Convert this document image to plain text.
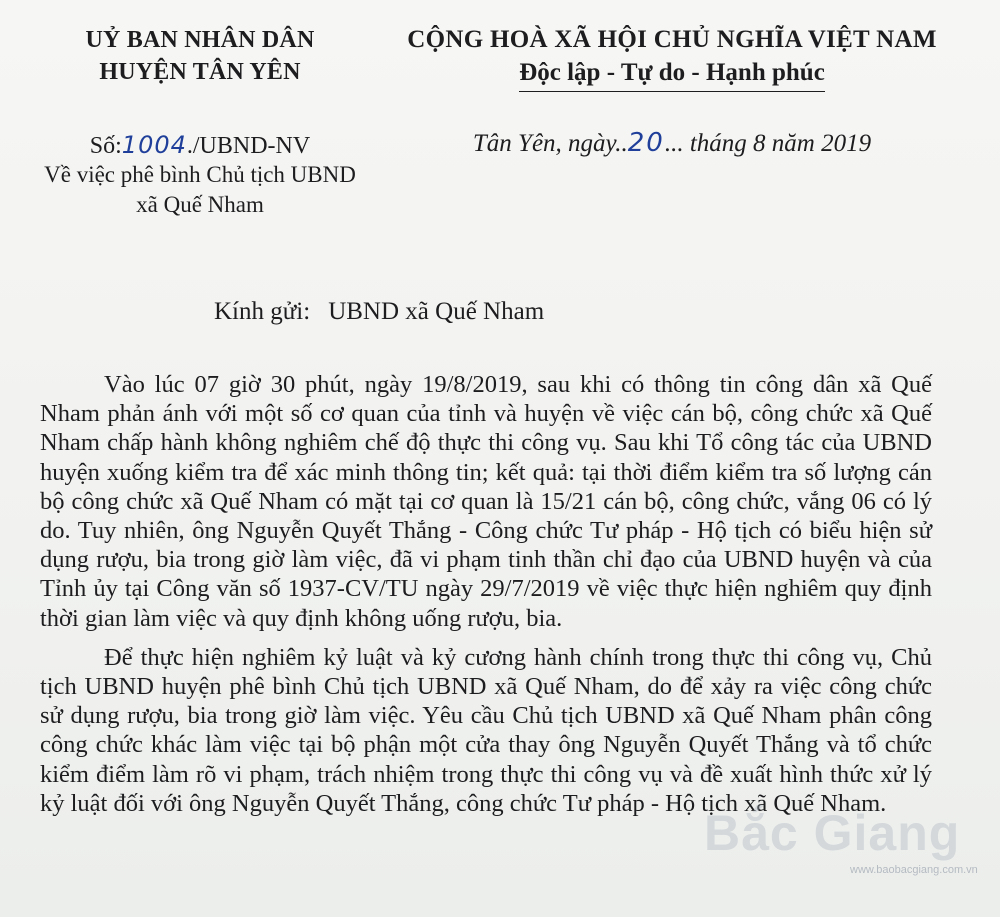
UỶ BAN NHÂN DÂN
HUYỆN TÂN YÊN
CỘNG HOÀ XÃ HỘI CHỦ NGHĨA VIỆT NAM
Độc lập - Tự do - Hạnh phúc
Số:1004./UBND-NV
Về việc phê bình Chủ tịch UBND
xã Quế Nham
Tân Yên, ngày..20... tháng 8 năm 2019
Kính gửi: UBND xã Quế Nham

Vào lúc 07 giờ 30 phút, ngày 19/8/2019, sau khi có thông tin công dân xã Quế Nham phản ánh với một số cơ quan của tỉnh và huyện về việc cán bộ, công chức xã Quế Nham chấp hành không nghiêm chế độ thực thi công vụ. Sau khi Tổ công tác của UBND huyện xuống kiểm tra để xác minh thông tin; kết quả: tại thời điểm kiểm tra số lượng cán bộ công chức xã Quế Nham có mặt tại cơ quan là 15/21 cán bộ, công chức, vắng 06 có lý do. Tuy nhiên, ông Nguyễn Quyết Thắng - Công chức Tư pháp - Hộ tịch có biểu hiện sử dụng rượu, bia trong giờ làm việc, đã vi phạm tinh thần chỉ đạo của UBND huyện và của Tỉnh ủy tại Công văn số 1937-CV/TU ngày 29/7/2019 về việc thực hiện nghiêm quy định thời gian làm việc và quy định không uống rượu, bia.

Để thực hiện nghiêm kỷ luật và kỷ cương hành chính trong thực thi công vụ, Chủ tịch UBND huyện phê bình Chủ tịch UBND xã Quế Nham, do để xảy ra việc công chức sử dụng rượu, bia trong giờ làm việc. Yêu cầu Chủ tịch UBND xã Quế Nham phân công công chức khác làm việc tại bộ phận một cửa thay ông Nguyễn Quyết Thắng và tổ chức kiểm điểm làm rõ vi phạm, trách nhiệm trong thực thi công vụ và đề xuất hình thức xử lý kỷ luật đối với ông Nguyễn Quyết Thắng, công chức Tư pháp - Hộ tịch xã Quế Nham.

Bắc Giang
www.baobacgiang.com.vn
